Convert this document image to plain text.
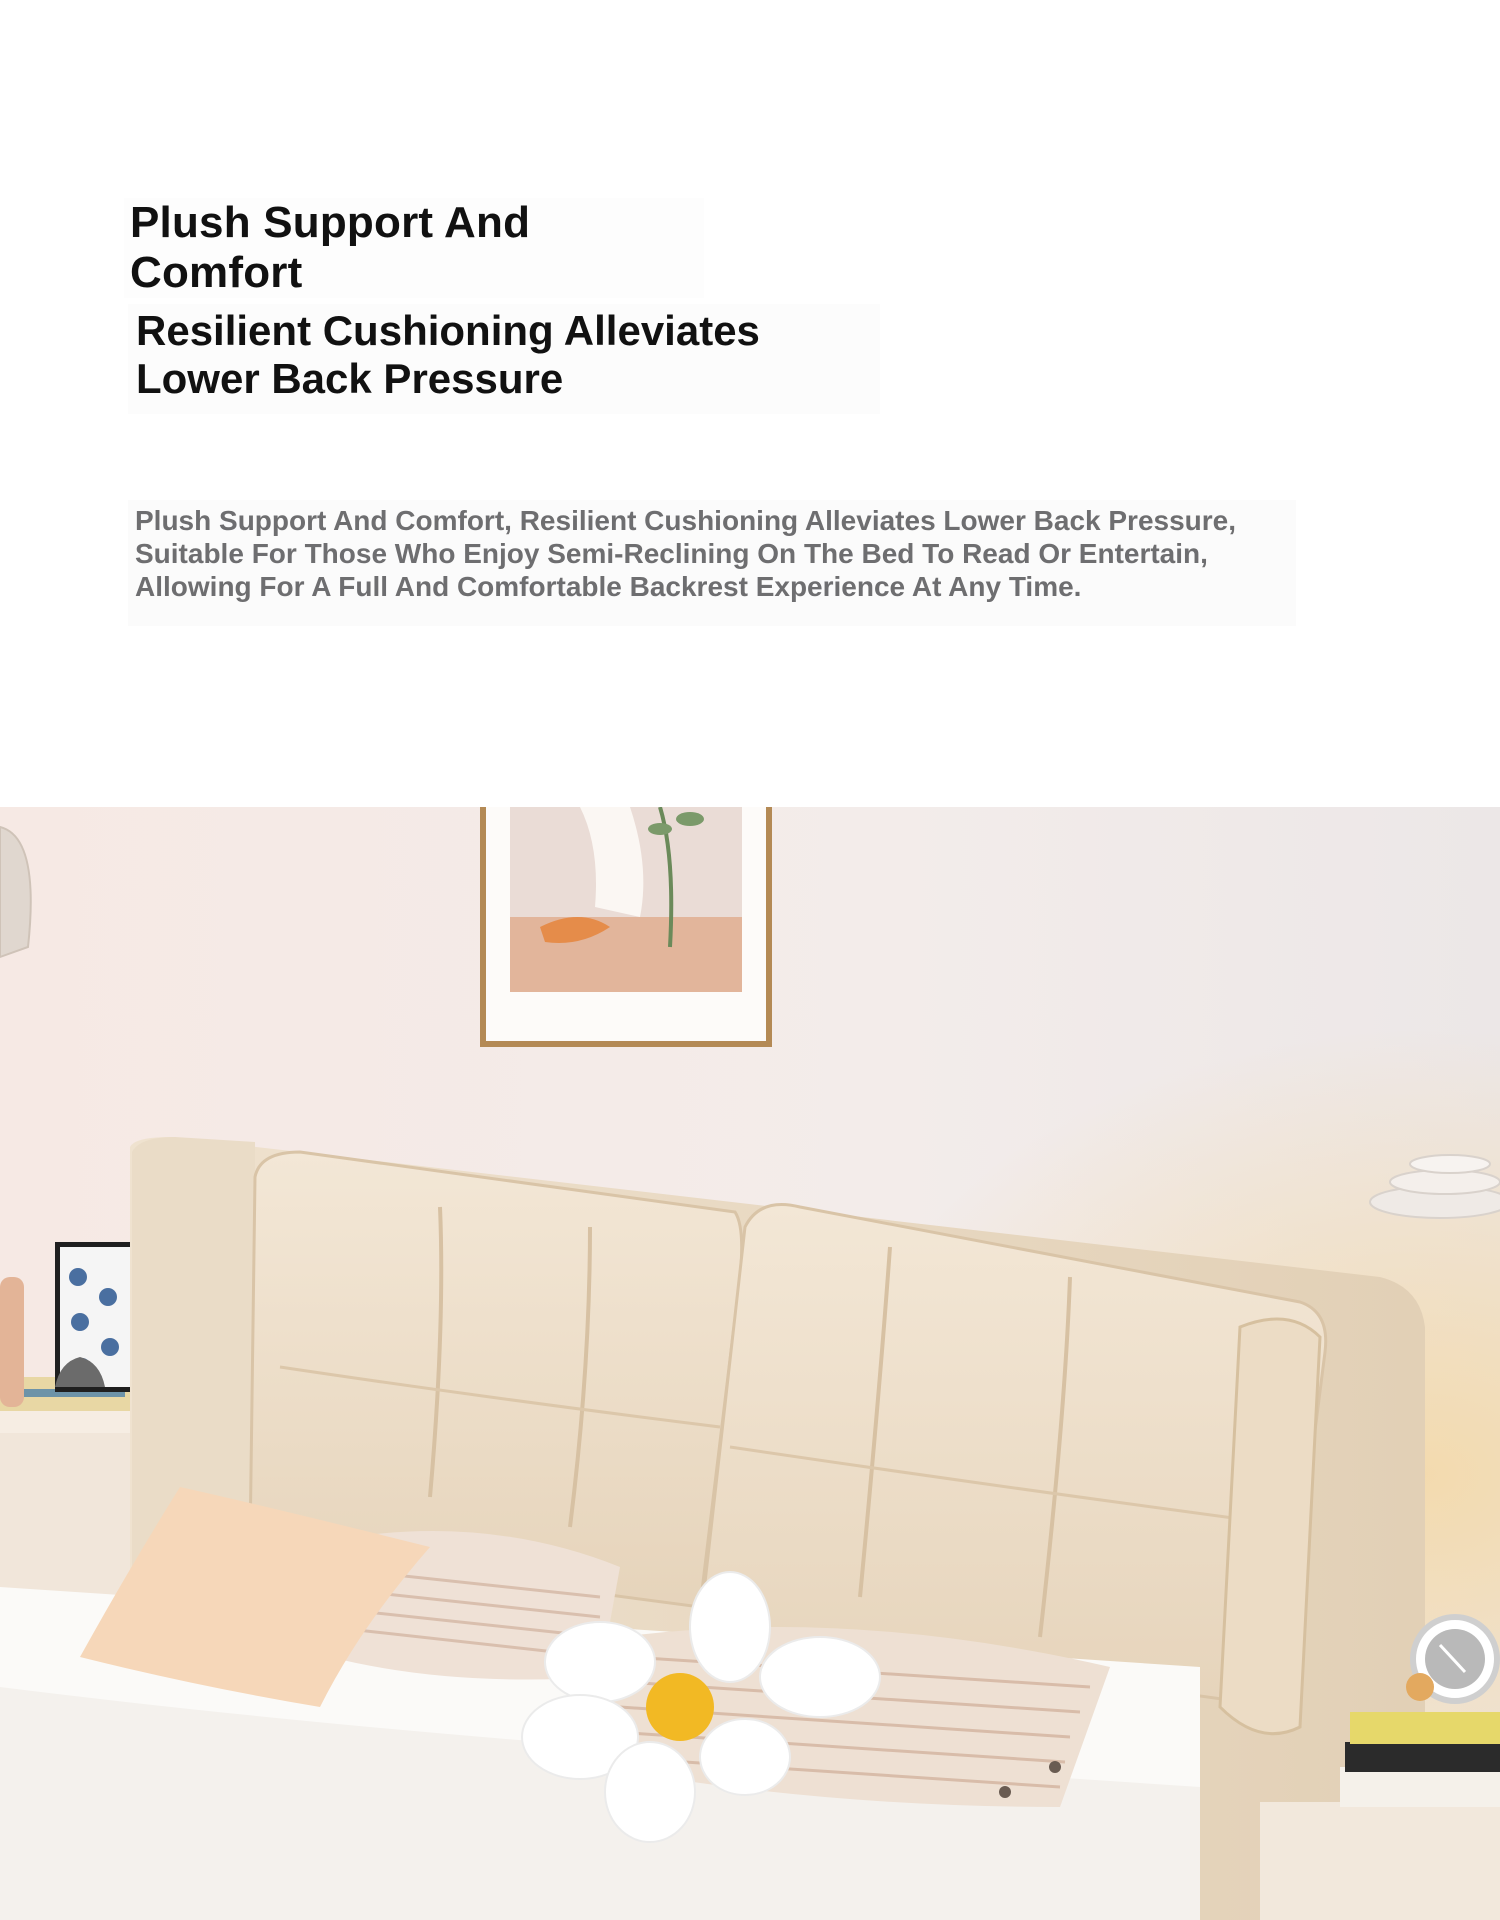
Plush Support And Comfort
Resilient Cushioning Alleviates Lower Back Pressure

Plush Support And Comfort, Resilient Cushioning Alleviates Lower Back Pressure, Suitable For Those Who Enjoy Semi-Reclining On The Bed To Read Or Entertain, Allowing For A Full And Comfortable Backrest Experience At Any Time.
